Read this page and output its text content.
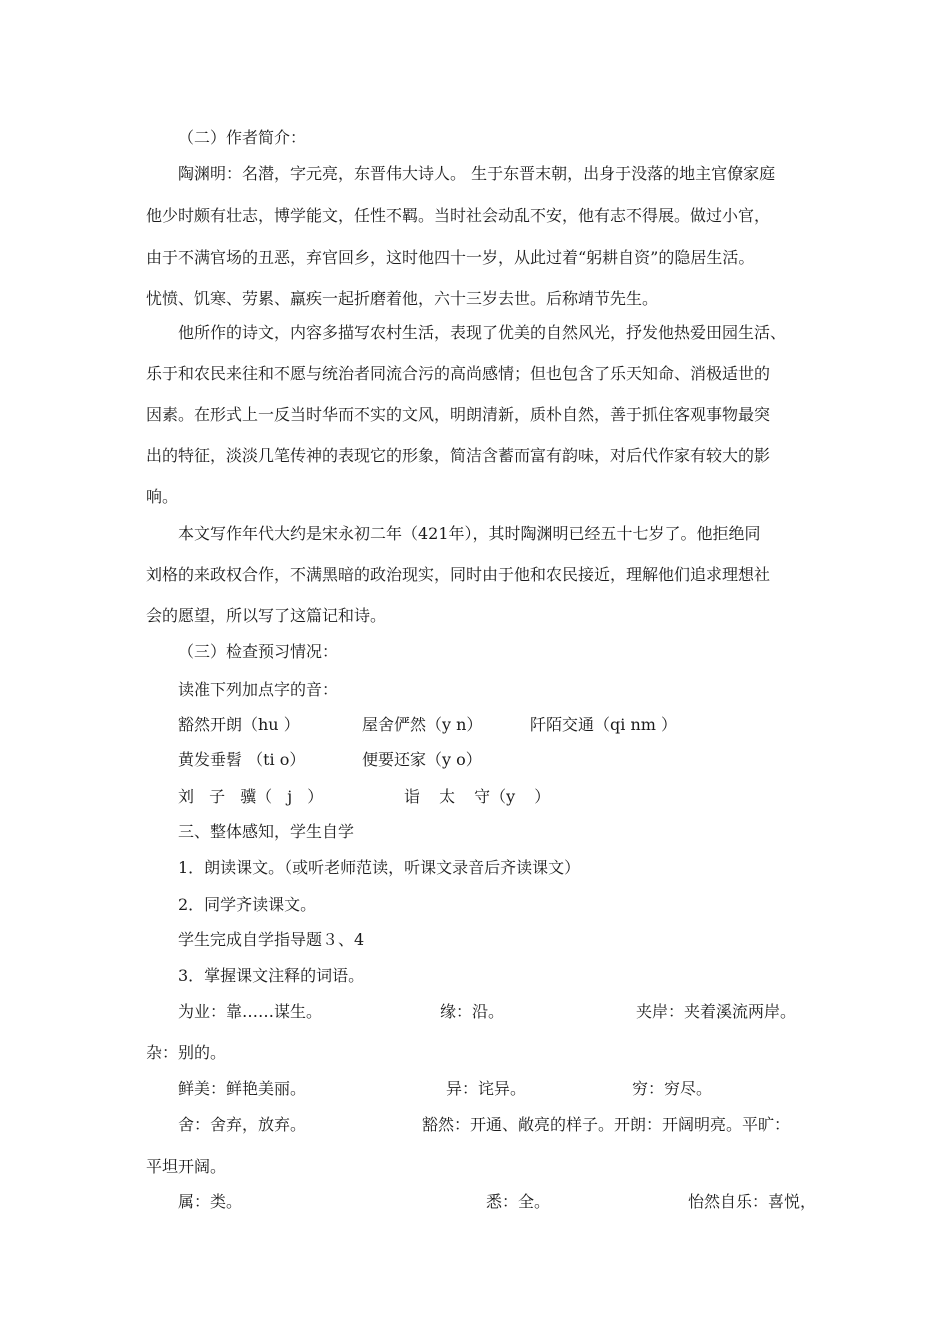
（二）作者简介：
陶渊明：名潜，字元亮，东晋伟大诗人。 生于东晋末朝，出身于没落的地主官僚家庭
他少时颇有壮志，博学能文，任性不羁。当时社会动乱不安，他有志不得展。做过小官，
由于不满官场的丑恶，弃官回乡，这时他四十一岁，从此过着“躬耕自资”的隐居生活。
忧愤、饥寒、劳累、羸疾一起折磨着他，六十三岁去世。后称靖节先生。
他所作的诗文，内容多描写农村生活，表现了优美的自然风光，抒发他热爱田园生活、
乐于和农民来往和不愿与统治者同流合污的高尚感情；但也包含了乐天知命、消极适世的
因素。在形式上一反当时华而不实的文风，明朗清新，质朴自然，善于抓住客观事物最突
出的特征，淡淡几笔传神的表现它的形象，简洁含蓄而富有韵味，对后代作家有较大的影
响。
本文写作年代大约是宋永初二年（421年），其时陶渊明已经五十七岁了。他拒绝同
刘格的来政权合作，不满黑暗的政治现实，同时由于他和农民接近，理解他们追求理想社
会的愿望，所以写了这篇记和诗。
（三）检查预习情况：
读准下列加点字的音：
豁然开朗（hu ）	屋舍俨然（y n）	阡陌交通（qi nm ）
黄发垂髫 （ti o）	便要还家（y o）
刘 子 骥（ j ）	诣 太 守（y ）
三、整体感知，学生自学
1．朗读课文。（或听老师范读，听课文录音后齐读课文）
2．同学齐读课文。
学生完成自学指导题３、4
3．掌握课文注释的词语。
为业：靠……谋生。	缘：沿。	夹岸：夹着溪流两岸。
杂：别的。
鲜美：鲜艳美丽。	异：诧异。	穷：穷尽。
舍：舍弃，放弃。	豁然：开通、敞亮的样子。开朗：开阔明亮。平旷：
平坦开阔。
属：类。	悉：全。	怡然自乐：喜悦，
